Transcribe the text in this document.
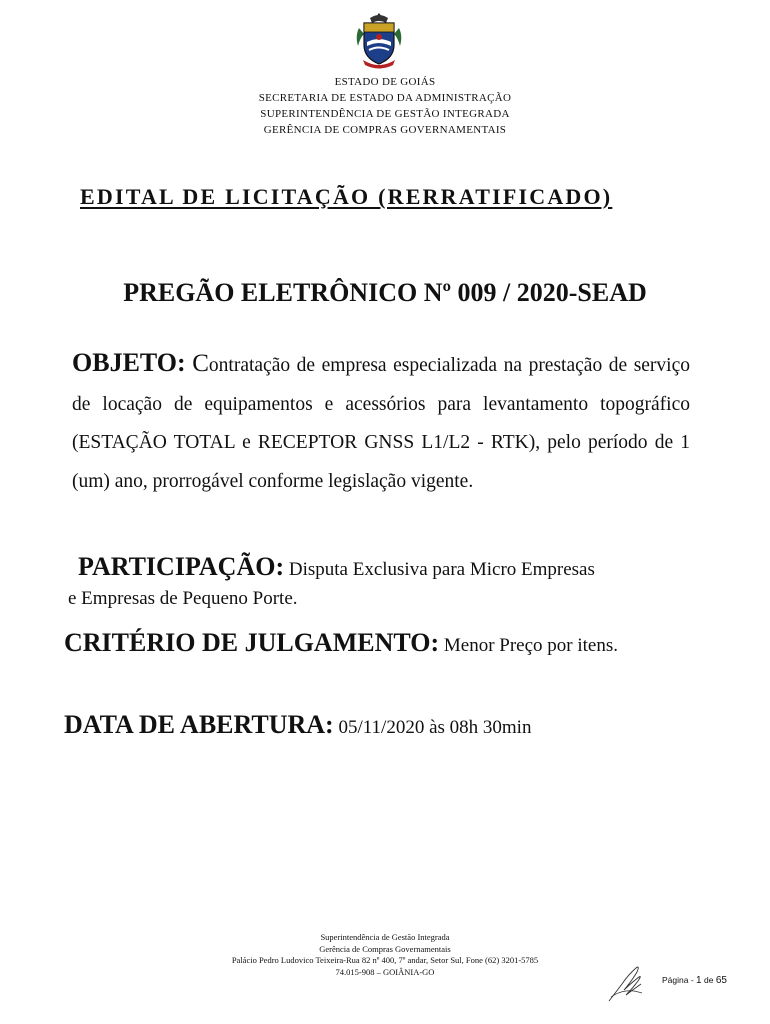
ESTADO DE GOIÁS
SECRETARIA DE ESTADO DA ADMINISTRAÇÃO
SUPERINTENDÊNCIA DE GESTÃO INTEGRADA
GERÊNCIA DE COMPRAS GOVERNAMENTAIS
EDITAL DE LICITAÇÃO (RERRATIFICADO)
PREGÃO ELETRÔNICO Nº 009 / 2020-SEAD
OBJETO: Contratação de empresa especializada na prestação de serviço de locação de equipamentos e acessórios para levantamento topográfico (ESTAÇÃO TOTAL e RECEPTOR GNSS L1/L2 - RTK), pelo período de 1 (um) ano, prorrogável conforme legislação vigente.
PARTICIPAÇÃO: Disputa Exclusiva para Micro Empresas
e Empresas de Pequeno Porte.
CRITÉRIO DE JULGAMENTO: Menor Preço por itens.
DATA DE ABERTURA: 05/11/2020 às 08h 30min
Superintendência de Gestão Integrada
Gerência de Compras Governamentais
Palácio Pedro Ludovico Teixeira-Rua 82 nº 400, 7º andar, Setor Sul, Fone (62) 3201-5785
74.015-908 – GOIÂNIA-GO
Página - 1 de 65
